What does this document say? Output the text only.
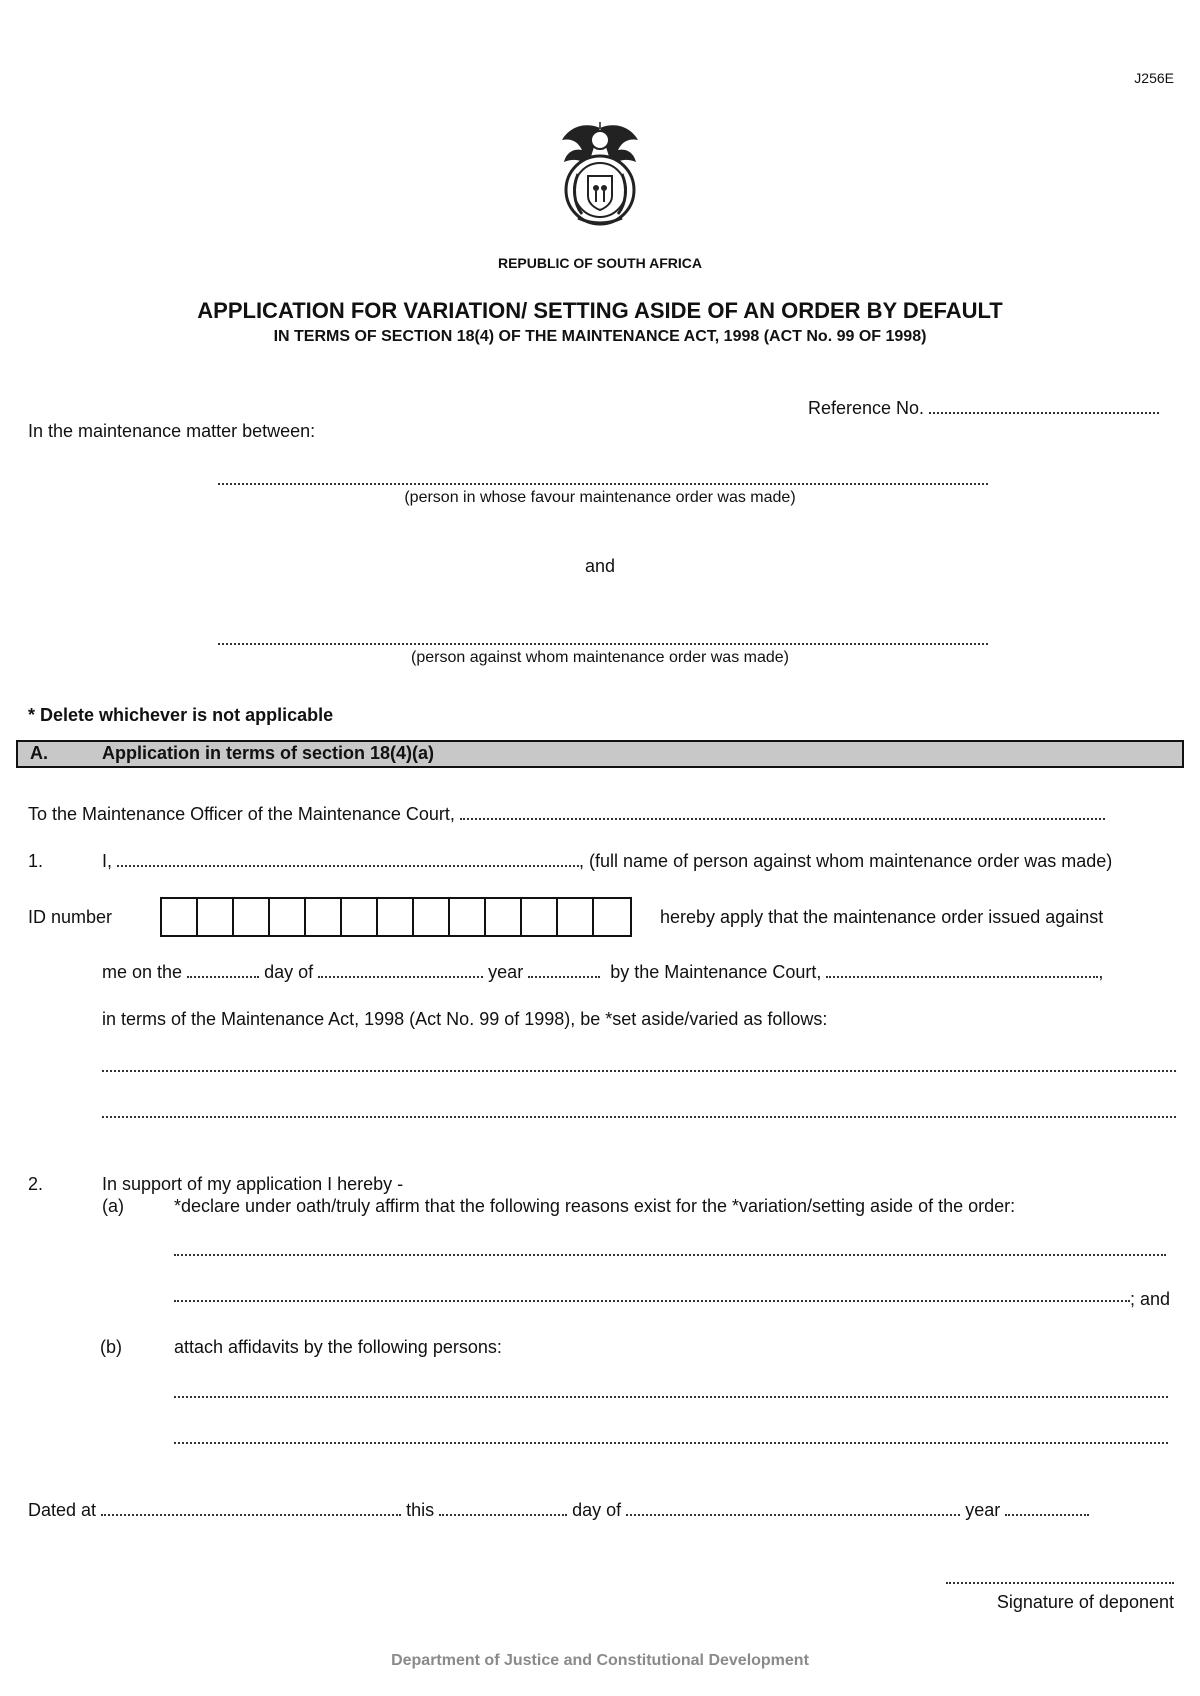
J256E
REPUBLIC OF SOUTH AFRICA
APPLICATION FOR VARIATION/ SETTING ASIDE OF AN ORDER BY DEFAULT
IN TERMS OF SECTION 18(4) OF THE MAINTENANCE ACT, 1998 (ACT No. 99 OF 1998)
Reference No.
In the maintenance matter between:
(person in whose favour maintenance order was made)
and
(person against whom maintenance order was made)
* Delete whichever is not applicable
A.	Application in terms of section 18(4)(a)
To the Maintenance Officer of the Maintenance Court,
1.	I,	, (full name of person against whom maintenance order was made)
ID number	hereby apply that the maintenance order issued against
me on the	day of	year	by the Maintenance Court,	,
in terms of the Maintenance Act, 1998 (Act No. 99 of 1998), be *set aside/varied as follows:
2.	In support of my application I hereby -
(a)	*declare under oath/truly affirm that the following reasons exist for the *variation/setting aside of the order:
; and
(b)	attach affidavits by the following persons:
Dated at	this	day of	year
Signature of deponent
Department of Justice and Constitutional Development
